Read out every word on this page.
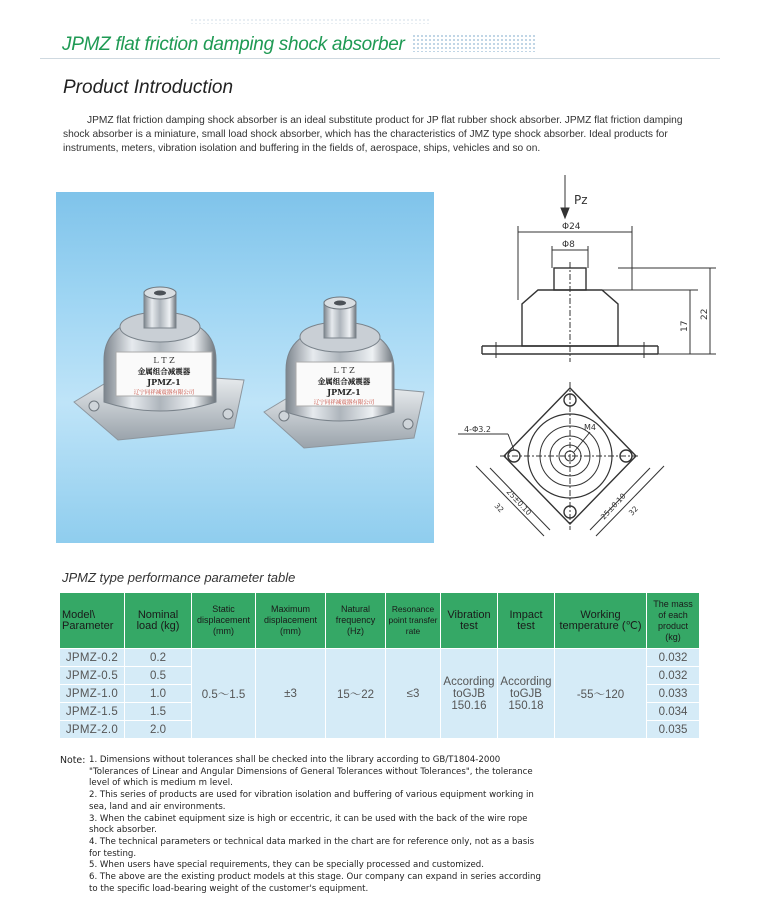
JPMZ flat friction damping shock absorber
Product Introduction

JPMZ flat friction damping shock absorber is an ideal substitute product for JP flat rubber shock absorber. JPMZ flat friction damping shock absorber is a miniature, small load shock absorber, which has the characteristics of JMZ type shock absorber. Ideal products for instruments, meters, vibration isolation and buffering in the fields of, aerospace, ships, vehicles and so on.

L T Z
金属组合减震器
JPMZ-1
辽宁同祥减震器有限公司
L T Z
金属组合减震器
JPMZ-1
辽宁同祥减震器有限公司
Pz
Φ24
Φ8
17
22
4-Φ3.2	M4
25±0.10
32	25±0.10 32
JPMZ type performance parameter table
Model\ Parameter	Nominal load (kg)	Static displacement (mm)	Maximum displacement (mm)	Natural frequency (Hz)	Resonance point transfer rate	Vibration test	Impact test	Working temperature (℃)	The mass of each product (kg)
JPMZ-0.2	0.2	0.5～1.5	±3	15～22	≤3	According toGJB 150.16	According toGJB 150.18	-55～120	0.032
JPMZ-0.5	0.5								0.032
JPMZ-1.0	1.0								0.033
JPMZ-1.5	1.5								0.034
JPMZ-2.0	2.0								0.035
Note: 1. Dimensions without tolerances shall be checked into the library according to GB/T1804-2000
"Tolerances of Linear and Angular Dimensions of General Tolerances without Tolerances", the tolerance
level of which is medium m level.
2. This series of products are used for vibration isolation and buffering of various equipment working in
sea, land and air environments.
3. When the cabinet equipment size is high or eccentric, it can be used with the back of the wire rope
shock absorber.
4. The technical parameters or technical data marked in the chart are for reference only, not as a basis
for testing.
5. When users have special requirements, they can be specially processed and customized.
6. The above are the existing product models at this stage. Our company can expand in series according
to the specific load-bearing weight of the customer's equipment.
